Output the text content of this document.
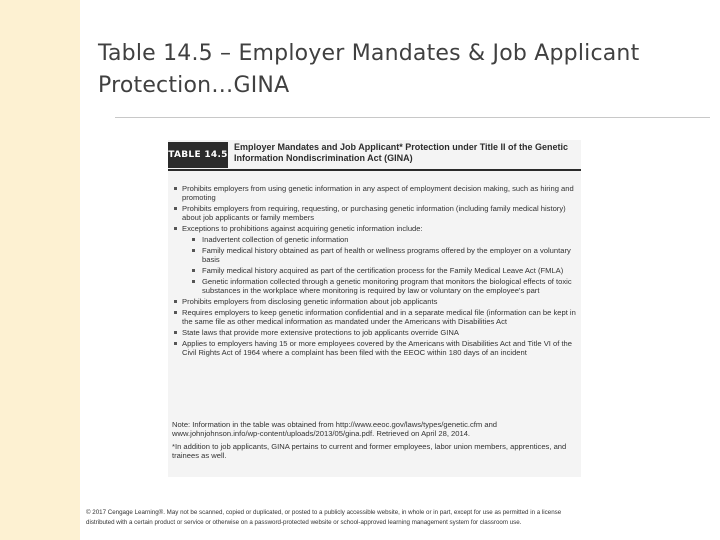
Table 14.5 – Employer Mandates & Job Applicant
Protection…GINA
TABLE 14.5
Employer Mandates and Job Applicant* Protection under Title II of the Genetic Information Nondiscrimination Act (GINA)
Prohibits employers from using genetic information in any aspect of employment decision making, such as hiring and promoting
Prohibits employers from requiring, requesting, or purchasing genetic information (including family medical history) about job applicants or family members
Exceptions to prohibitions against acquiring genetic information include:
Inadvertent collection of genetic information
Family medical history obtained as part of health or wellness programs offered by the employer on a voluntary basis
Family medical history acquired as part of the certification process for the Family Medical Leave Act (FMLA)
Genetic information collected through a genetic monitoring program that monitors the biological effects of toxic substances in the workplace where monitoring is required by law or voluntary on the employee's part
Prohibits employers from disclosing genetic information about job applicants
Requires employers to keep genetic information confidential and in a separate medical file (information can be kept in the same file as other medical information as mandated under the Americans with Disabilities Act
State laws that provide more extensive protections to job applicants override GINA
Applies to employers having 15 or more employees covered by the Americans with Disabilities Act and Title VI of the Civil Rights Act of 1964 where a complaint has been filed with the EEOC within 180 days of an incident

Note: Information in the table was obtained from http://www.eeoc.gov/laws/types/genetic.cfm and www.johnjohnson.info/wp-content/uploads/2013/05/gina.pdf. Retrieved on April 28, 2014.

*In addition to job applicants, GINA pertains to current and former employees, labor union members, apprentices, and trainees as well.

© 2017 Cengage Learning®. May not be scanned, copied or duplicated, or posted to a publicly accessible website, in whole or in part, except for use as permitted in a license
distributed with a certain product or service or otherwise on a password-protected website or school-approved learning management system for classroom use.
